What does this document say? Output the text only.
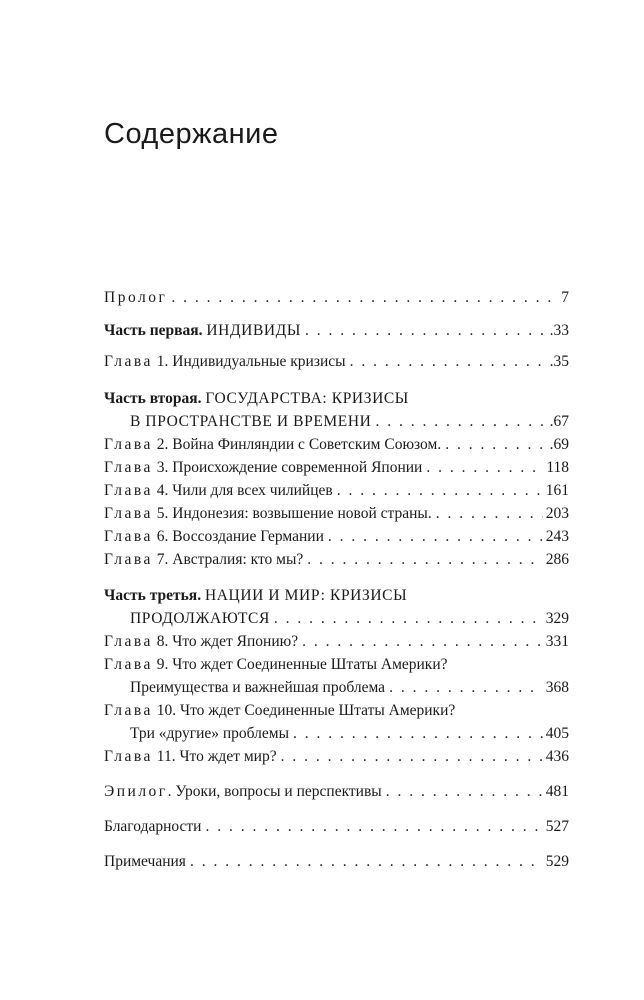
Содержание
Пролог . . .	7
Часть первая. ИНДИВИДЫ . . .	.33
Глава 1. Индивидуальные кризисы . . .	.35
Часть вторая. ГОСУДАРСТВА: КРИЗИСЫ
В ПРОСТРАНСТВЕ И ВРЕМЕНИ . . .	.67
Глава 2. Война Финляндии с Советским Союзом. . . .	.69
Глава 3. Происхождение современной Японии . . .	118
Глава 4. Чили для всех чилийцев . . .	161
Глава 5. Индонезия: возвышение новой страны. . . .	203
Глава 6. Воссоздание Германии . . .	243
Глава 7. Австралия: кто мы? . . .	286
Часть третья. НАЦИИ И МИР: КРИЗИСЫ
ПРОДОЛЖАЮТСЯ . . .	329
Глава 8. Что ждет Японию? . . .	331
Глава 9. Что ждет Соединенные Штаты Америки?
Преимущества и важнейшая проблема . . .	368
Глава 10. Что ждет Соединенные Штаты Америки?
Три «другие» проблемы . . .	405
Глава 11. Что ждет мир? . . .	436
Эпилог. Уроки, вопросы и перспективы . . .	481
Благодарности . . .	527
Примечания . . .	529
